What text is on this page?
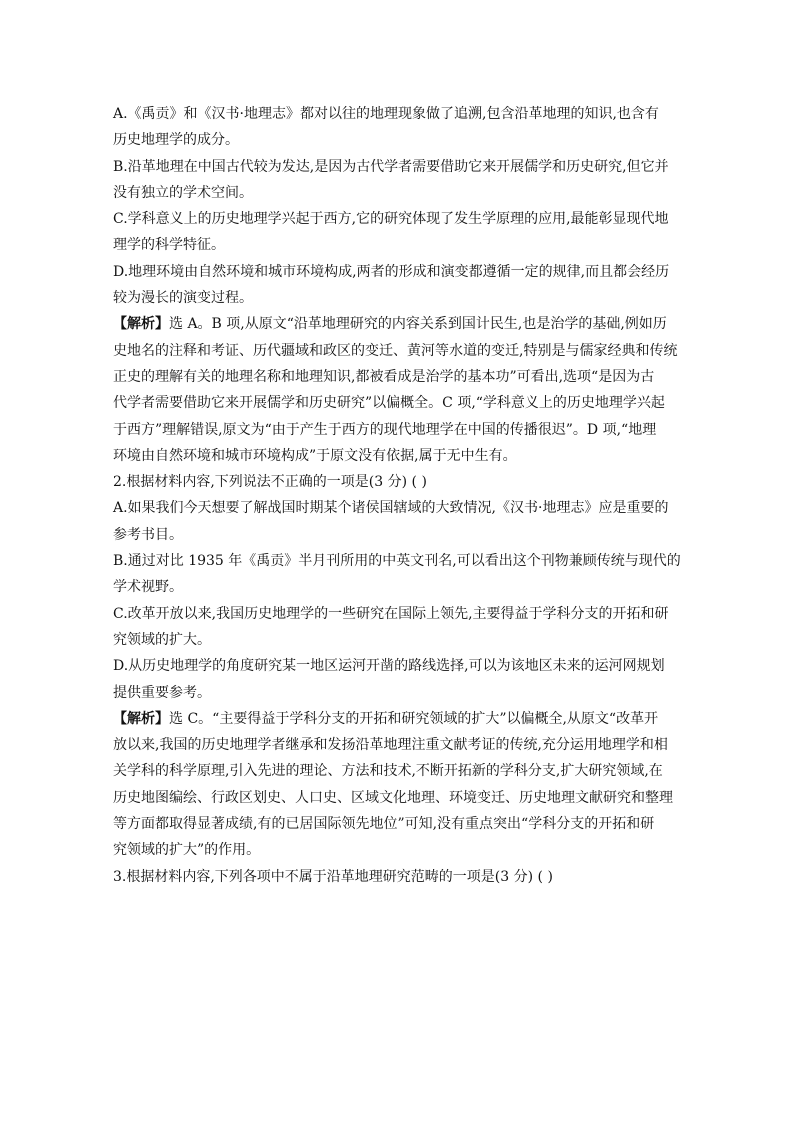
A.《禹贡》和《汉书·地理志》都对以往的地理现象做了追溯,包含沿革地理的知识,也含有
历史地理学的成分。
B.沿革地理在中国古代较为发达,是因为古代学者需要借助它来开展儒学和历史研究,但它并
没有独立的学术空间。
C.学科意义上的历史地理学兴起于西方,它的研究体现了发生学原理的应用,最能彰显现代地
理学的科学特征。
D.地理环境由自然环境和城市环境构成,两者的形成和演变都遵循一定的规律,而且都会经历
较为漫长的演变过程。
【解析】选 A。B 项,从原文“沿革地理研究的内容关系到国计民生,也是治学的基础,例如历
史地名的注释和考证、历代疆域和政区的变迁、黄河等水道的变迁,特别是与儒家经典和传统
正史的理解有关的地理名称和地理知识,都被看成是治学的基本功”可看出,选项“是因为古
代学者需要借助它来开展儒学和历史研究”以偏概全。C 项,“学科意义上的历史地理学兴起
于西方”理解错误,原文为“由于产生于西方的现代地理学在中国的传播很迟”。D 项,“地理
环境由自然环境和城市环境构成”于原文没有依据,属于无中生有。
2.根据材料内容,下列说法不正确的一项是(3 分) ( )
A.如果我们今天想要了解战国时期某个诸侯国辖域的大致情况,《汉书·地理志》应是重要的
参考书目。
B.通过对比 1935 年《禹贡》半月刊所用的中英文刊名,可以看出这个刊物兼顾传统与现代的
学术视野。
C.改革开放以来,我国历史地理学的一些研究在国际上领先,主要得益于学科分支的开拓和研
究领域的扩大。
D.从历史地理学的角度研究某一地区运河开凿的路线选择,可以为该地区未来的运河网规划
提供重要参考。
【解析】选 C。“主要得益于学科分支的开拓和研究领域的扩大”以偏概全,从原文“改革开
放以来,我国的历史地理学者继承和发扬沿革地理注重文献考证的传统,充分运用地理学和相
关学科的科学原理,引入先进的理论、方法和技术,不断开拓新的学科分支,扩大研究领域,在
历史地图编绘、行政区划史、人口史、区域文化地理、环境变迁、历史地理文献研究和整理
等方面都取得显著成绩,有的已居国际领先地位”可知,没有重点突出“学科分支的开拓和研
究领域的扩大”的作用。
3.根据材料内容,下列各项中不属于沿革地理研究范畴的一项是(3 分) ( )
